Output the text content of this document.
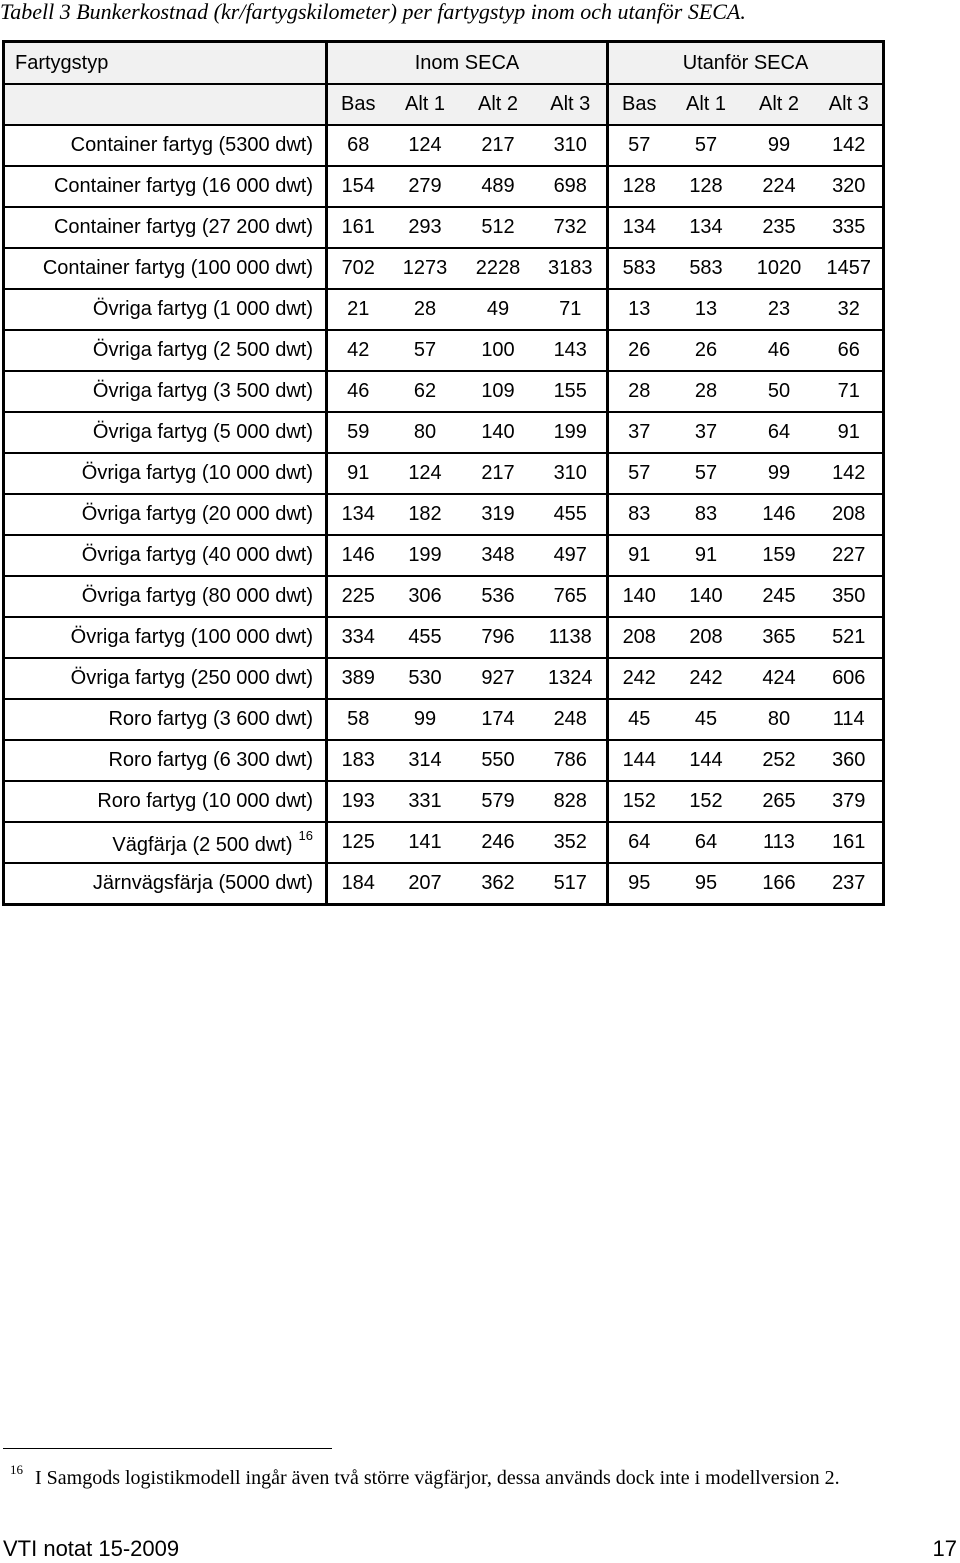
Tabell 3 Bunkerkostnad (kr/fartygskilometer) per fartygstyp inom och utanför SECA.
Fartygstyp	Inom SECA				Utanför SECA			
	Bas	Alt 1	Alt 2	Alt 3	Bas	Alt 1	Alt 2	Alt 3
Container fartyg (5300 dwt)	68	124	217	310	57	57	99	142
Container fartyg (16 000 dwt)	154	279	489	698	128	128	224	320
Container fartyg (27 200 dwt)	161	293	512	732	134	134	235	335
Container fartyg (100 000 dwt)	702	1273	2228	3183	583	583	1020	1457
Övriga fartyg (1 000 dwt)	21	28	49	71	13	13	23	32
Övriga fartyg (2 500 dwt)	42	57	100	143	26	26	46	66
Övriga fartyg (3 500 dwt)	46	62	109	155	28	28	50	71
Övriga fartyg (5 000 dwt)	59	80	140	199	37	37	64	91
Övriga fartyg (10 000 dwt)	91	124	217	310	57	57	99	142
Övriga fartyg (20 000 dwt)	134	182	319	455	83	83	146	208
Övriga fartyg (40 000 dwt)	146	199	348	497	91	91	159	227
Övriga fartyg (80 000 dwt)	225	306	536	765	140	140	245	350
Övriga fartyg (100 000 dwt)	334	455	796	1138	208	208	365	521
Övriga fartyg (250 000 dwt)	389	530	927	1324	242	242	424	606
Roro fartyg (3 600 dwt)	58	99	174	248	45	45	80	114
Roro fartyg (6 300 dwt)	183	314	550	786	144	144	252	360
Roro fartyg (10 000 dwt)	193	331	579	828	152	152	265	379
Vägfärja (2 500 dwt) $^{16}$	125	141	246	352	64	64	113	161
Järnvägsfärja (5000 dwt)	184	207	362	517	95	95	166	237
$^{16}$ I Samgods logistikmodell ingår även två större vägfärjor, dessa används dock inte i modellversion 2.
VTI notat 15-2009	17
